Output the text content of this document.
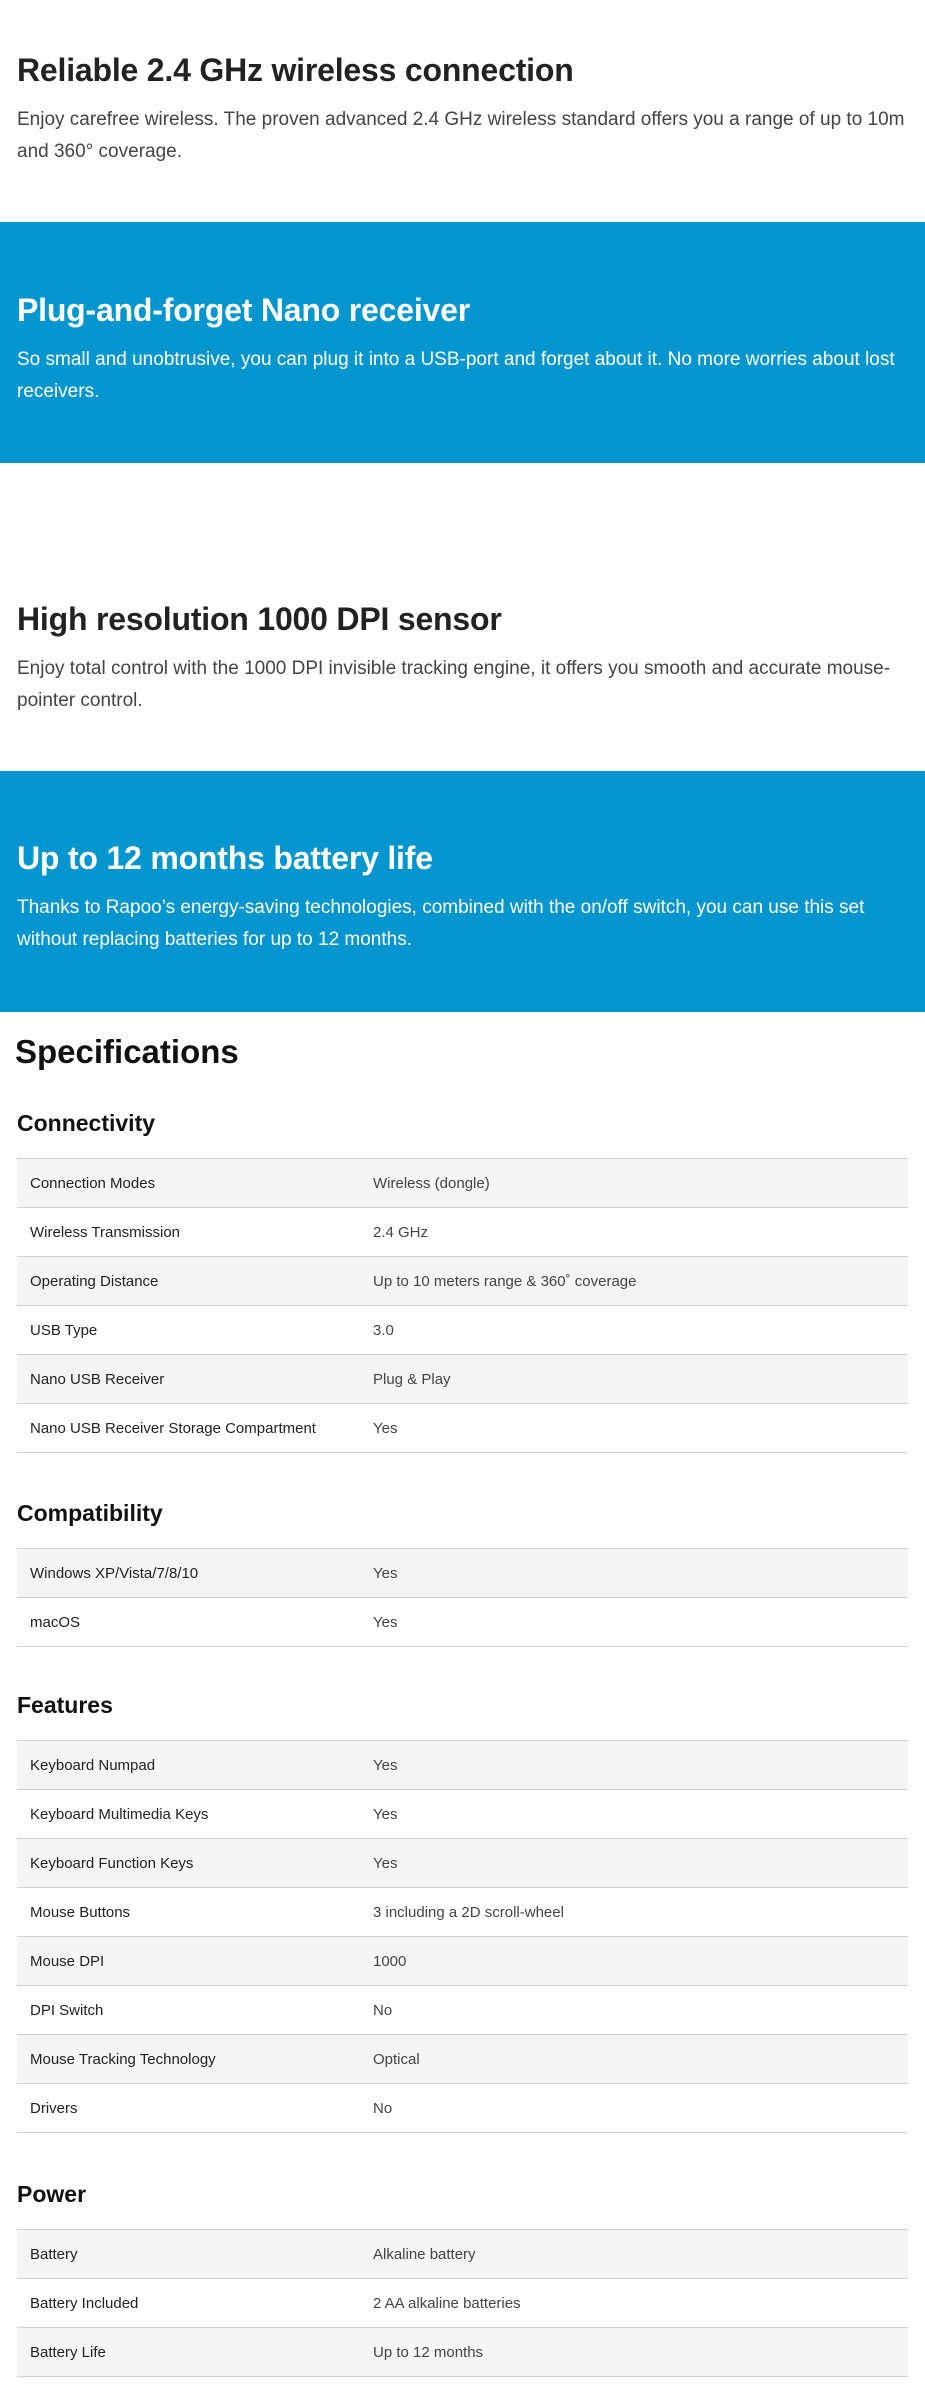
Reliable 2.4 GHz wireless connection

Enjoy carefree wireless. The proven advanced 2.4 GHz wireless standard offers you a range of up to 10m and 360° coverage.

Plug-and-forget Nano receiver

So small and unobtrusive, you can plug it into a USB-port and forget about it. No more worries about lost receivers.

High resolution 1000 DPI sensor

Enjoy total control with the 1000 DPI invisible tracking engine, it offers you smooth and accurate mouse-pointer control.

Up to 12 months battery life

Thanks to Rapoo’s energy-saving technologies, combined with the on/off switch, you can use this set without replacing batteries for up to 12 months.

Specifications
Connectivity
Connection Modes	Wireless (dongle)
Wireless Transmission	2.4 GHz
Operating Distance	Up to 10 meters range & 360˚ coverage
USB Type	3.0
Nano USB Receiver	Plug & Play
Nano USB Receiver Storage Compartment	Yes
Compatibility
Windows XP/Vista/7/8/10	Yes
macOS	Yes
Features
Keyboard Numpad	Yes
Keyboard Multimedia Keys	Yes
Keyboard Function Keys	Yes
Mouse Buttons	3 including a 2D scroll-wheel
Mouse DPI	1000
DPI Switch	No
Mouse Tracking Technology	Optical
Drivers	No
Power
Battery	Alkaline battery
Battery Included	2 AA alkaline batteries
Battery Life	Up to 12 months
